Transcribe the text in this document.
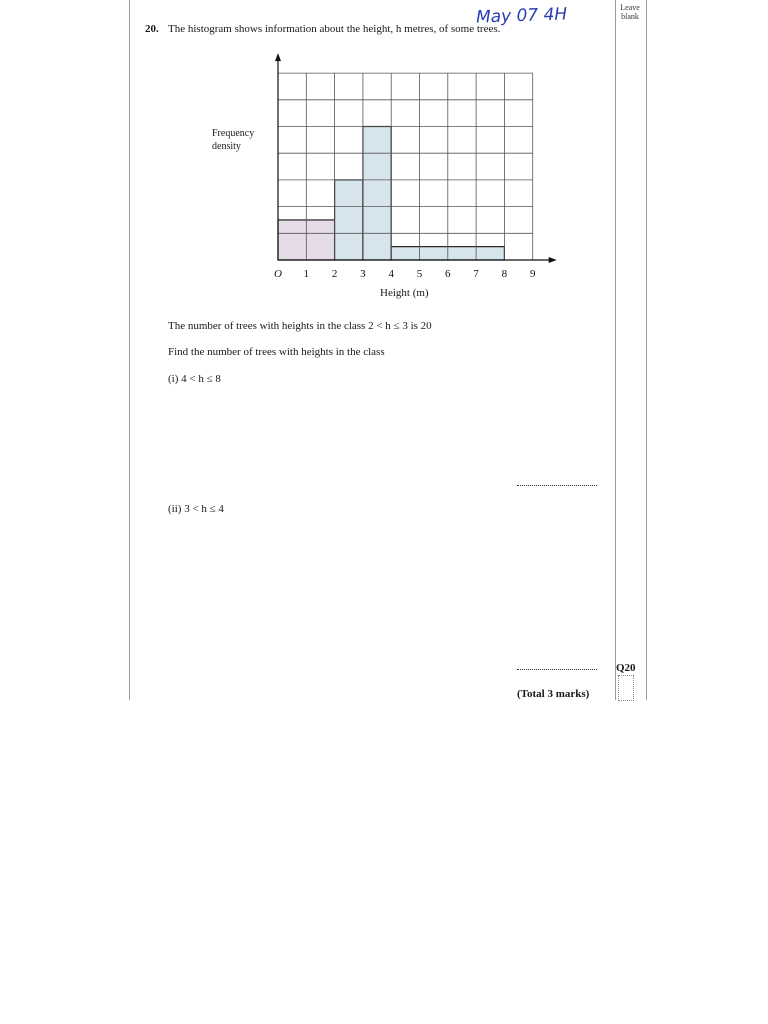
Leave
blank
May 07 4H
20. The histogram shows information about the height, h metres, of some trees.
Frequency
density
O 1 2 3 4 5 6 7 8 9
Height (m)
The number of trees with heights in the class 2 < h ≤ 3 is 20
Find the number of trees with heights in the class
(i) 4 < h ≤ 8
(ii) 3 < h ≤ 4
Q20
(Total 3 marks)
